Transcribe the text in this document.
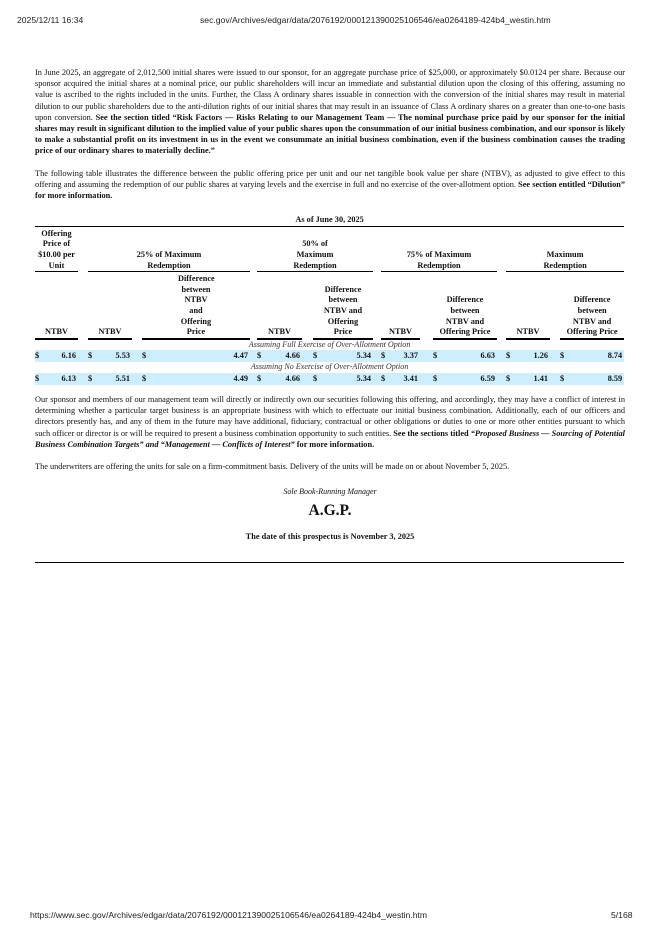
2025/12/11 16:34	sec.gov/Archives/edgar/data/2076192/000121390025106546/ea0264189-424b4_westin.htm

In June 2025, an aggregate of 2,012,500 initial shares were issued to our sponsor, for an aggregate purchase price of $25,000, or approximately $0.0124 per share. Because our sponsor acquired the initial shares at a nominal price, our public shareholders will incur an immediate and substantial dilution upon the closing of this offering, assuming no value is ascribed to the rights included in the units. Further, the Class A ordinary shares issuable in connection with the conversion of the initial shares may result in material dilution to our public shareholders due to the anti-dilution rights of our initial shares that may result in an issuance of Class A ordinary shares on a greater than one-to-one basis upon conversion. See the section titled “Risk Factors — Risks Relating to our Management Team — The nominal purchase price paid by our sponsor for the initial shares may result in significant dilution to the implied value of your public shares upon the consummation of our initial business combination, and our sponsor is likely to make a substantial profit on its investment in us in the event we consummate an initial business combination, even if the business combination causes the trading price of our ordinary shares to materially decline.”

The following table illustrates the difference between the public offering price per unit and our net tangible book value per share (NTBV), as adjusted to give effect to this offering and assuming the redemption of our public shares at varying levels and the exercise in full and no exercise of the over-allotment option. See section entitled “Dilution” for more information.

As of June 30, 2025																									
Offering Price of $10.00 per Unit			25% of Maximum Redemption						50% of Maximum Redemption						75% of Maximum Redemption						Maximum Redemption				
NTBV			NTBV			Difference between NTBV and Offering Price			NTBV			Difference between NTBV and Offering Price			NTBV			Difference between NTBV and Offering Price			NTBV			Difference between NTBV and Offering Price	
Assuming Full Exercise of Over-Allotment Option																									
$	6.16		$	5.53		$	4.47		$	4.66		$	5.34		$	3.37		$	6.63		$	1.26		$	8.74
Assuming No Exercise of Over-Allotment Option																									
$	6.13		$	5.51		$	4.49		$	4.66		$	5.34		$	3.41		$	6.59		$	1.41		$	8.59

Our sponsor and members of our management team will directly or indirectly own our securities following this offering, and accordingly, they may have a conflict of interest in determining whether a particular target business is an appropriate business with which to effectuate our initial business combination. Additionally, each of our officers and directors presently has, and any of them in the future may have additional, fiduciary, contractual or other obligations or duties to one or more other entities pursuant to which such officer or director is or will be required to present a business combination opportunity to such entities. See the sections titled “Proposed Business — Sourcing of Potential Business Combination Targets” and “Management — Conflicts of Interest” for more information.

The underwriters are offering the units for sale on a firm-commitment basis. Delivery of the units will be made on or about November 5, 2025.

Sole Book-Running Manager
A.G.P.
The date of this prospectus is November 3, 2025
https://www.sec.gov/Archives/edgar/data/2076192/000121390025106546/ea0264189-424b4_westin.htm	5/168
